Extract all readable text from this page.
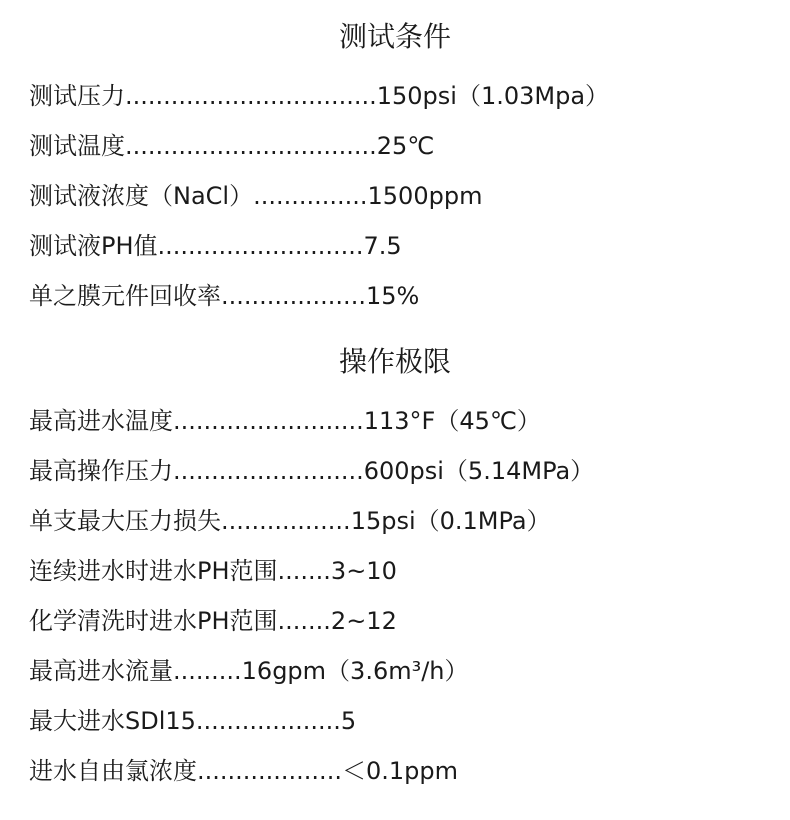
测试条件
测试压力.................................150psi（1.03Mpa）
测试温度.................................25℃
测试液浓度（NaCl）...............1500ppm
测试液PH值...........................7.5
单之膜元件回收率...................15%
操作极限
最高进水温度.........................113°F（45℃）
最高操作压力.........................600psi（5.14MPa）
单支最大压力损失.................15psi（0.1MPa）
连续进水时进水PH范围.......3~10
化学清洗时进水PH范围.......2~12
最高进水流量.........16gpm（3.6m³/h）
最大进水SDl15...................5
进水自由氯浓度...................＜0.1ppm
